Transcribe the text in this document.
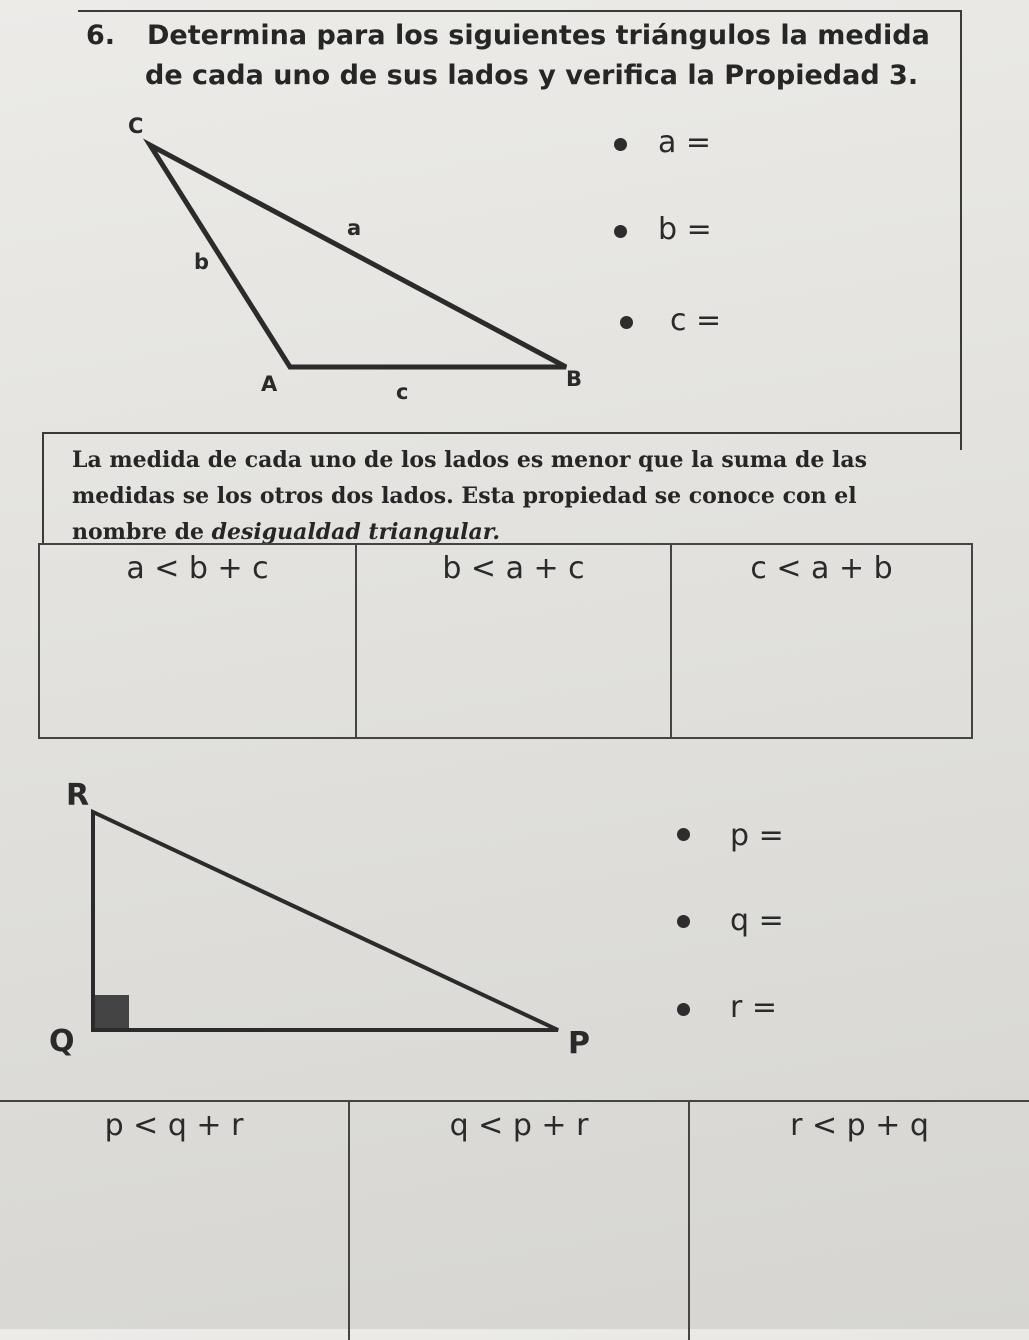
6. Determina para los siguientes triángulos la medida
de cada uno de sus lados y verifica la Propiedad 3.
C
a
b
A	c
B
a =
b =
c =
La medida de cada uno de los lados es menor que la suma de las medidas se los otros dos lados. Esta propiedad se conoce con el nombre de desigualdad triangular.
a < b + c	b < a + c	c < a + b
R
Q	P
p =
q =
r =
p < q + r	q < p + r	r < p + q
